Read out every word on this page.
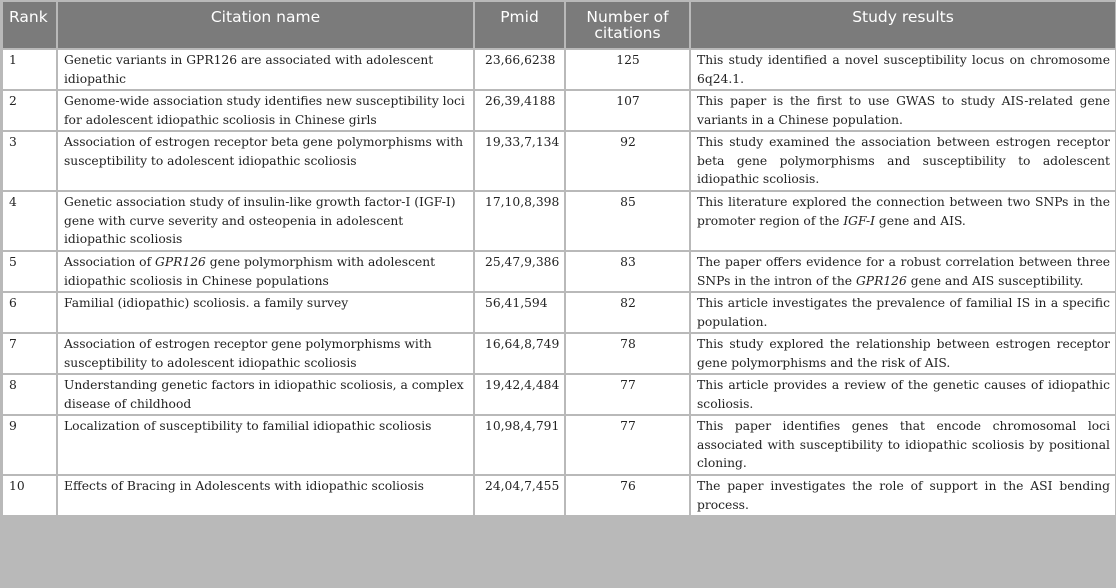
Rank	Citation name	Pmid	Number of citations	Study results
1	Genetic variants in GPR126 are associated with adolescent idiopathic	23,66,6238	125	This study identified a novel susceptibility locus on chromosome 6q24.1.
2	Genome-wide association study identifies new susceptibility loci for adolescent idiopathic scoliosis in Chinese girls	26,39,4188	107	This paper is the first to use GWAS to study AIS-related gene variants in a Chinese population.
3	Association of estrogen receptor beta gene polymorphisms with susceptibility to adolescent idiopathic scoliosis	19,33,7,134	92	This study examined the association between estrogen receptor beta gene polymorphisms and susceptibility to adolescent idiopathic scoliosis.
4	Genetic association study of insulin-like growth factor-I (IGF-I) gene with curve severity and osteopenia in adolescent idiopathic scoliosis	17,10,8,398	85	This literature explored the connection between two SNPs in the promoter region of the IGF-I gene and AIS.
5	Association of GPR126 gene polymorphism with adolescent idiopathic scoliosis in Chinese populations	25,47,9,386	83	The paper offers evidence for a robust correlation between three SNPs in the intron of the GPR126 gene and AIS susceptibility.
6	Familial (idiopathic) scoliosis. a family survey	56,41,594	82	This article investigates the prevalence of familial IS in a specific population.
7	Association of estrogen receptor gene polymorphisms with susceptibility to adolescent idiopathic scoliosis	16,64,8,749	78	This study explored the relationship between estrogen receptor gene polymorphisms and the risk of AIS.
8	Understanding genetic factors in idiopathic scoliosis, a complex disease of childhood	19,42,4,484	77	This article provides a review of the genetic causes of idiopathic scoliosis.
9	Localization of susceptibility to familial idiopathic scoliosis	10,98,4,791	77	This paper identifies genes that encode chromosomal loci associated with susceptibility to idiopathic scoliosis by positional cloning.
10	Effects of Bracing in Adolescents with idiopathic scoliosis	24,04,7,455	76	The paper investigates the role of support in the ASI bending process.
